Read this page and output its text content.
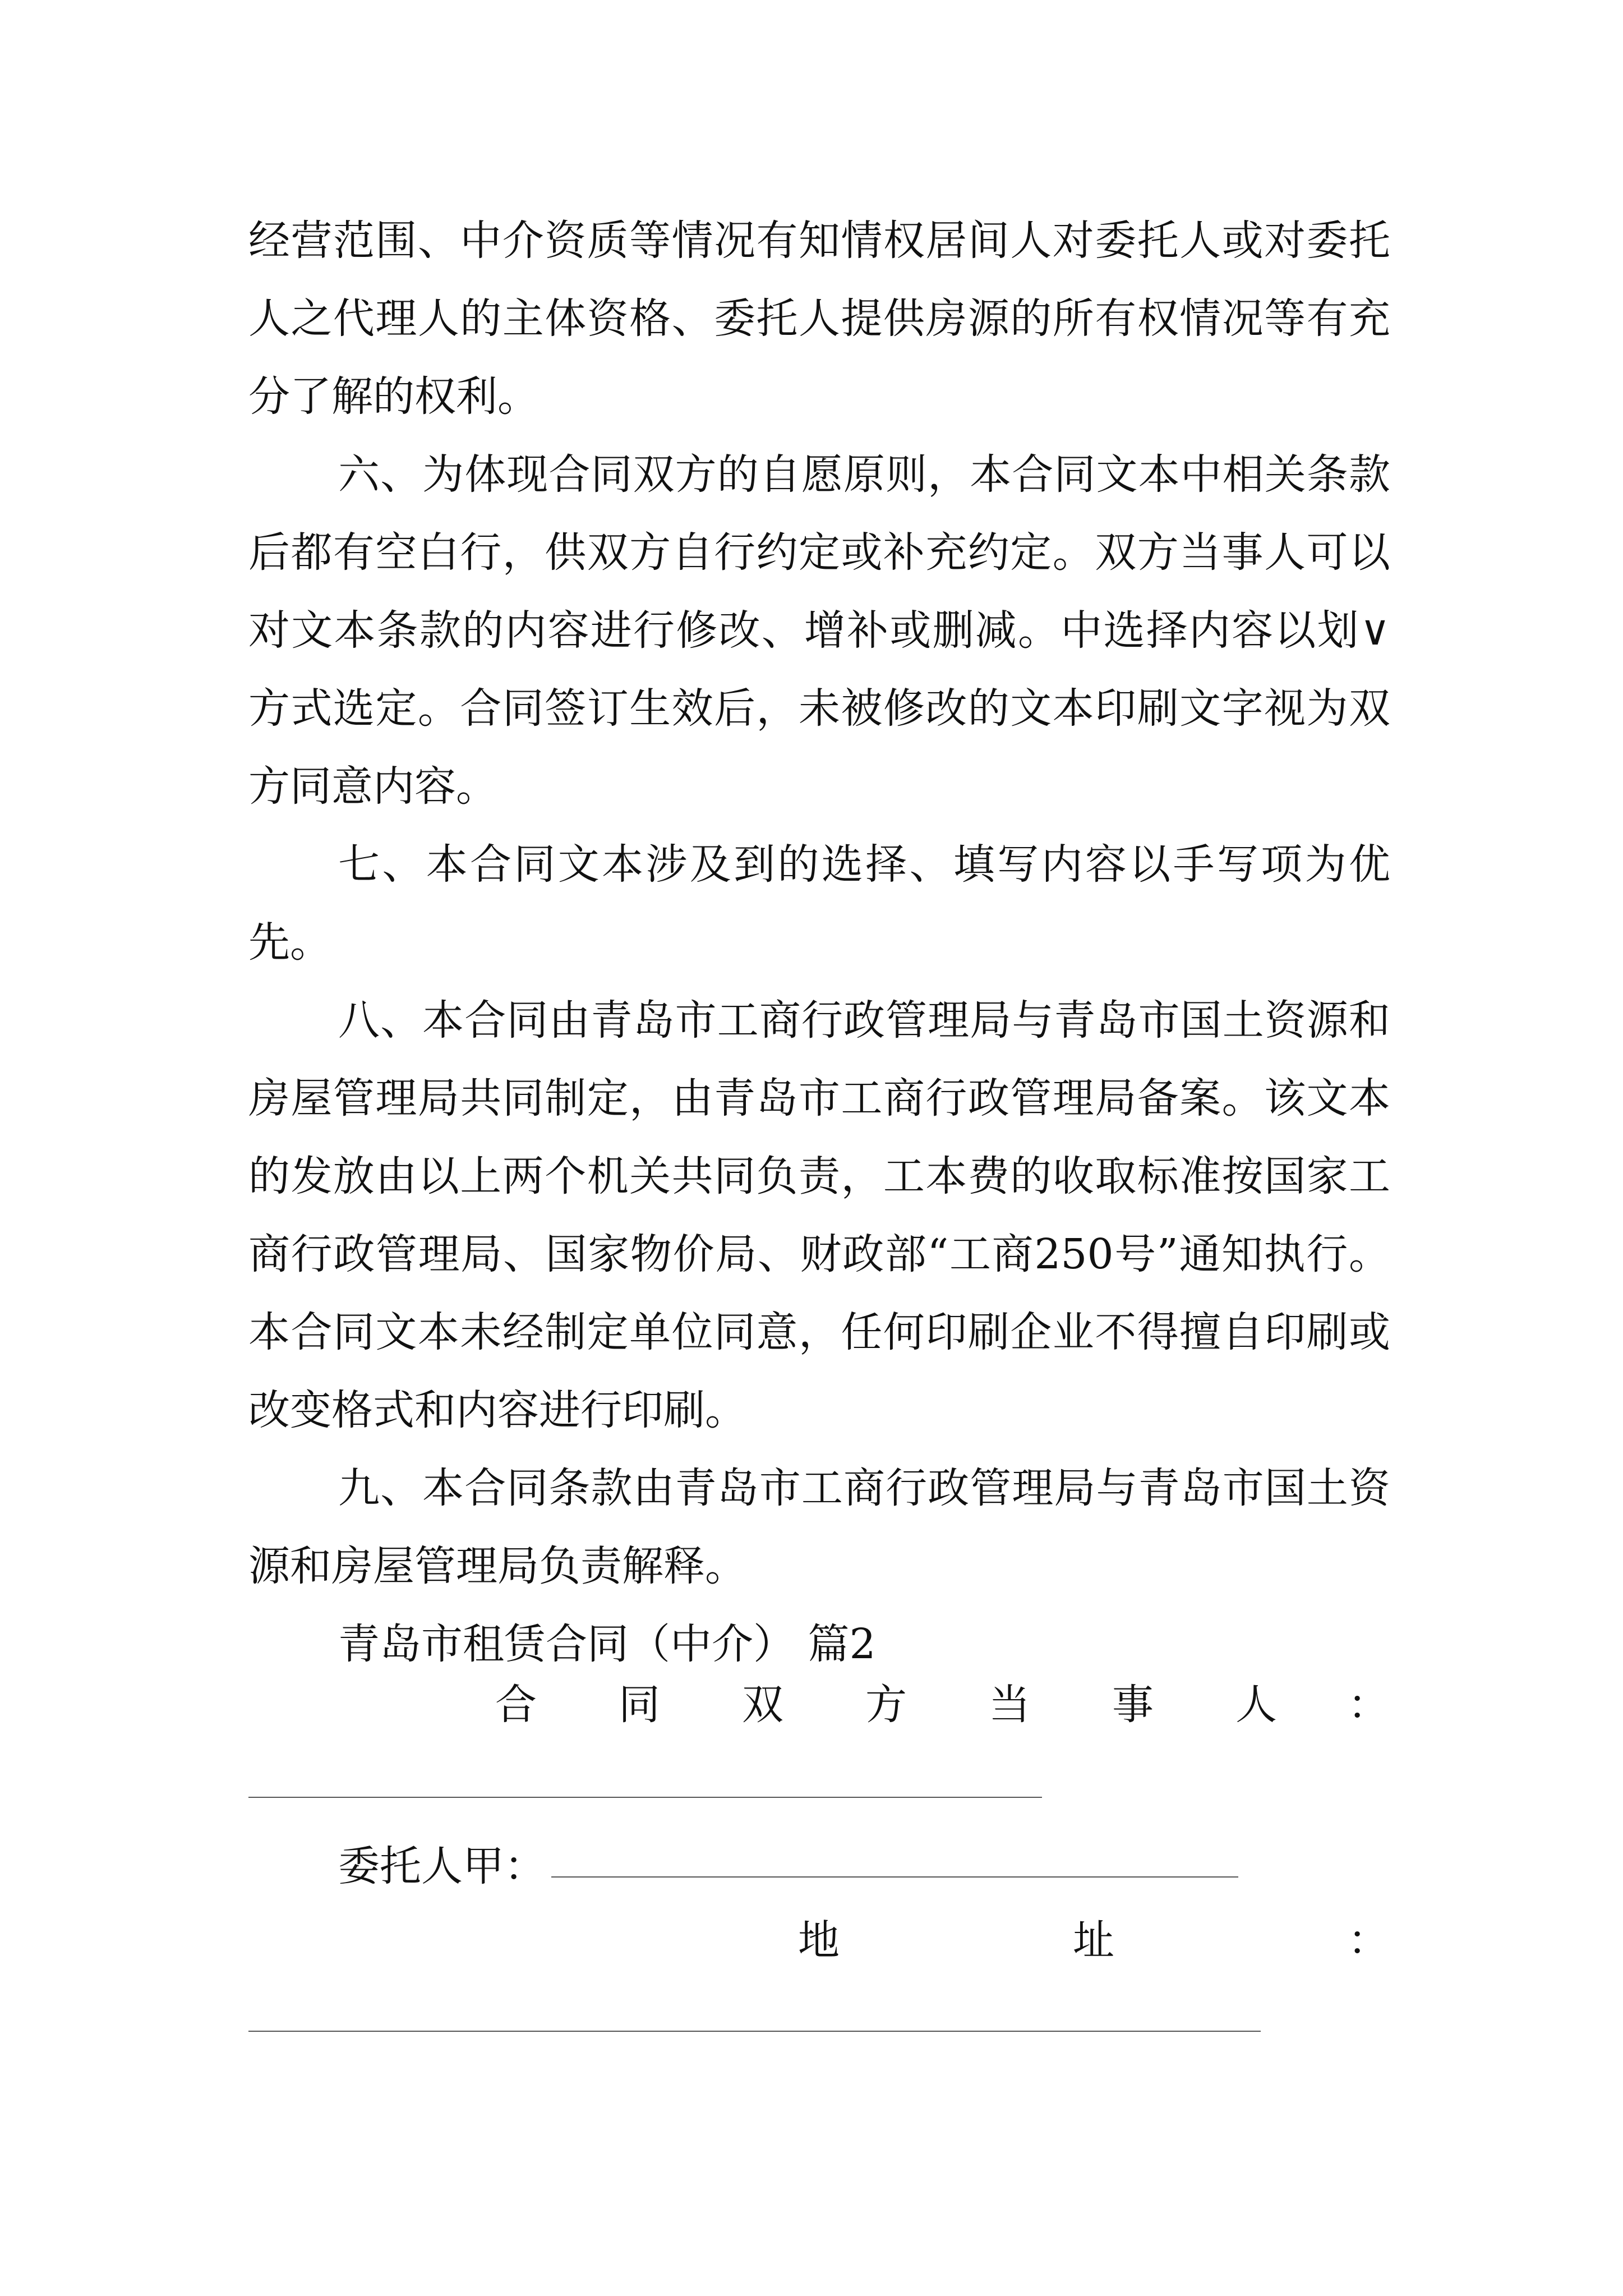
经营范围、中介资质等情况有知情权居间人对委托人或对委托人之代理人的主体资格、委托人提供房源的所有权情况等有充分了解的权利。

六、为体现合同双方的自愿原则，本合同文本中相关条款后都有空白行，供双方自行约定或补充约定。双方当事人可以对文本条款的内容进行修改、增补或删减。中选择内容以划∨方式选定。合同签订生效后，未被修改的文本印刷文字视为双方同意内容。

七、本合同文本涉及到的选择、填写内容以手写项为优先。

八、本合同由青岛市工商行政管理局与青岛市国土资源和房屋管理局共同制定，由青岛市工商行政管理局备案。该文本的发放由以上两个机关共同负责，工本费的收取标准按国家工商行政管理局、国家物价局、财政部“工商250号”通知执行。本合同文本未经制定单位同意，任何印刷企业不得擅自印刷或改变格式和内容进行印刷。

九、本合同条款由青岛市工商行政管理局与青岛市国土资源和房屋管理局负责解释。

青岛市租赁合同（中介） 篇2

合 同 双 方 当 事 人 ：
委托人甲：
地	址	：
